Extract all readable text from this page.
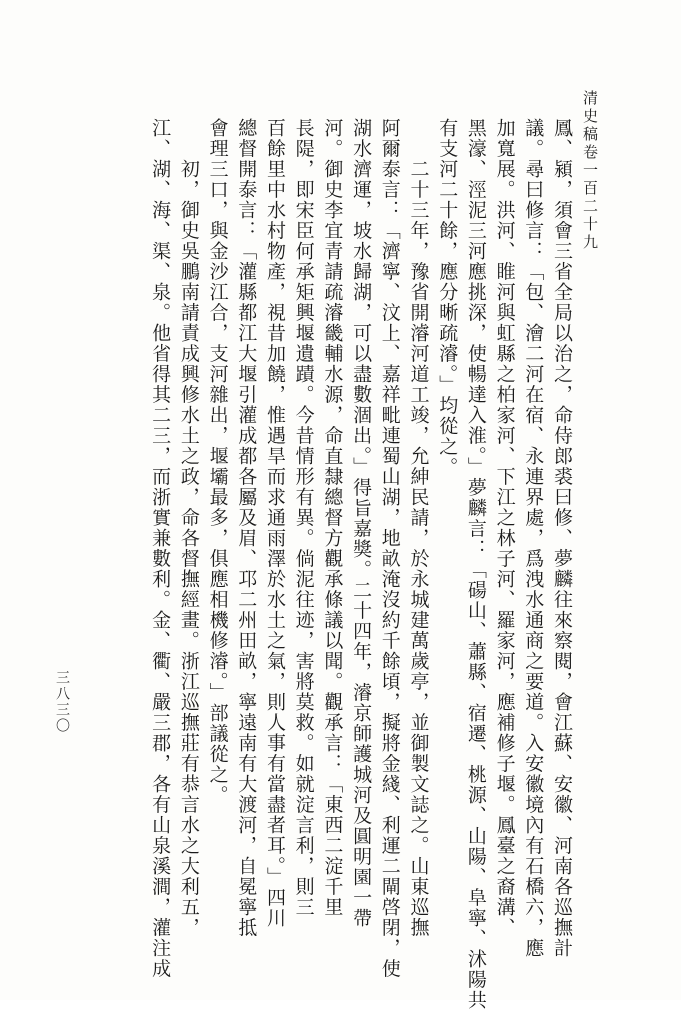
清史稿卷一百二十九
三八三〇	鳳、潁，須會三省全局以治之，命侍郎裘曰修、夢麟往來察閱，會江蘇、安徽、河南各巡撫計
議。尋曰修言：「包、澮二河在宿、永連界處，爲洩水通商之要道。入安徽境內有石橋六，應
加寬展。洪河、睢河與虹縣之柏家河、下江之林子河、羅家河，應補修子堰。鳳臺之裔溝、
黑濠、涇泥三河應挑深，使暢達入淮。」夢麟言：「碭山、蕭縣、宿遷、桃源、山陽、阜寧、沭陽共
有支河二十餘，應分晰疏濬。」均從之。
　　二十三年，豫省開濬河道工竣，允紳民請，於永城建萬歲亭，並御製文誌之。山東巡撫
阿爾泰言：「濟寧、汶上、嘉祥毗連蜀山湖，地畝淹沒約千餘頃，擬將金綫、利運二閘啓閉，使
湖水濟運，坡水歸湖，可以盡數涸出。」得旨嘉獎。二十四年，濬京師護城河及圓明園一帶
河。御史李宜青請疏濬畿輔水源，命直隸總督方觀承條議以聞。觀承言：「東西二淀千里
長隄，即宋臣何承矩興堰遺蹟。今昔情形有異。倘泥往迹，害將莫救。如就淀言利，則三
百餘里中水村物產，視昔加饒，惟遇旱而求通雨澤於水土之氣，則人事有當盡者耳。」四川
總督開泰言：「灌縣都江大堰引灌成都各屬及眉、邛二州田畝，寧遠南有大渡河，自冕寧抵
會理三口，與金沙江合，支河雜出，堰壩最多，俱應相機修濬。」部議從之。
　　初，御史吳鵬南請責成興修水土之政，命各督撫經畫。浙江巡撫莊有恭言水之大利五，
江、湖、海、渠、泉。他省得其二三，而浙實兼數利。金、衢、嚴三郡，各有山泉溪澗，灌注成
